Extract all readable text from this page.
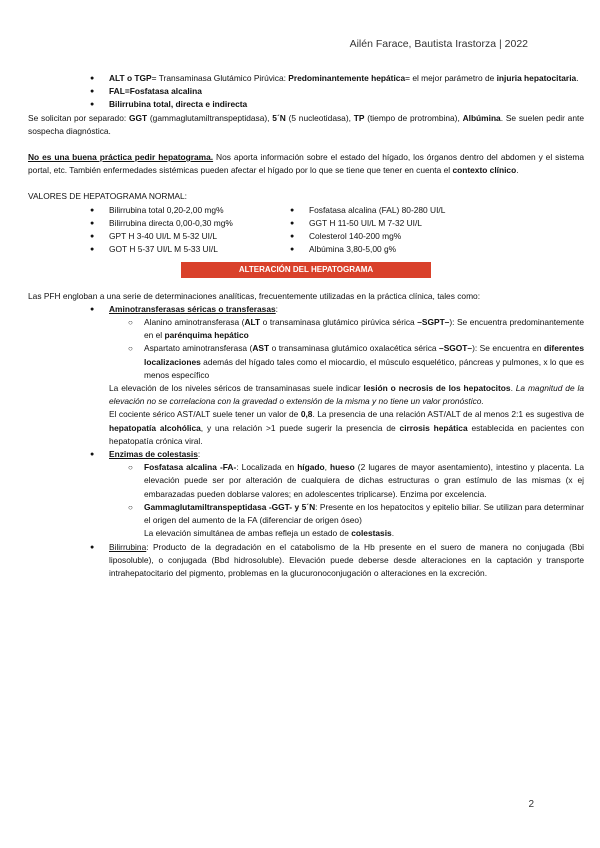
Ailén Farace, Bautista Irastorza | 2022

● ALT o TGP= Transaminasa Glutámico Pirúvica: Predominantemente hepática= el mejor parámetro de injuria hepatocitaria.

● FAL=Fosfatasa alcalina
● Bilirrubina total, directa e indirecta

Se solicitan por separado: GGT (gammaglutamiltranspeptidasa), 5´N (5 nucleotidasa), TP (tiempo de protrombina), Albúmina. Se suelen pedir ante sospecha diagnóstica.

No es una buena práctica pedir hepatograma. Nos aporta información sobre el estado del hígado, los órganos dentro del abdomen y el sistema portal, etc. También enfermedades sistémicas pueden afectar el hígado por lo que se tiene que tener en cuenta el contexto clínico.

VALORES DE HEPATOGRAMA NORMAL:
● Bilirrubina total 0,20-2,00 mg%
● Bilirrubina directa 0,00-0,30 mg%
● GPT H 3-40 UI/L M 5-32 UI/L
● GOT H 5-37 UI/L M 5-33 UI/L
● Fosfatasa alcalina (FAL) 80-280 UI/L
● GGT H 11-50 UI/L M 7-32 UI/L
● Colesterol 140-200 mg%
● Albúmina 3,80-5,00 g%
ALTERACIÓN DEL HEPATOGRAMA

Las PFH engloban a una serie de determinaciones analíticas, frecuentemente utilizadas en la práctica clínica, tales como:

● Aminotransferasas séricas o transferasas:

○ Alanino aminotransferasa (ALT o transaminasa glutámico pirúvica sérica –SGPT–): Se encuentra predominantemente en el parénquima hepático

○ Aspartato aminotransferasa (AST o transaminasa glutámico oxalacética sérica –SGOT–): Se encuentra en diferentes localizaciones además del hígado tales como el miocardio, el músculo esquelético, páncreas y pulmones, x lo que es menos específico

La elevación de los niveles séricos de transaminasas suele indicar lesión o necrosis de los hepatocitos. La magnitud de la elevación no se correlaciona con la gravedad o extensión de la misma y no tiene un valor pronóstico.

El cociente sérico AST/ALT suele tener un valor de 0,8. La presencia de una relación AST/ALT de al menos 2:1 es sugestiva de hepatopatía alcohólica, y una relación >1 puede sugerir la presencia de cirrosis hepática establecida en pacientes con hepatopatía crónica viral.

● Enzimas de colestasis:

○ Fosfatasa alcalina -FA-: Localizada en hígado, hueso (2 lugares de mayor asentamiento), intestino y placenta. La elevación puede ser por alteración de cualquiera de dichas estructuras o gran estímulo de las mismas (x ej embarazadas pueden doblarse valores; en adolescentes triplicarse). Enzima por excelencia.

○ Gammaglutamiltranspeptidasa -GGT- y 5´N: Presente en los hepatocitos y epitelio biliar. Se utilizan para determinar el origen del aumento de la FA (diferenciar de origen óseo)

La elevación simultánea de ambas refleja un estado de colestasis.

● Bilirrubina: Producto de la degradación en el catabolismo de la Hb presente en el suero de manera no conjugada (Bbi liposoluble), o conjugada (Bbd hidrosoluble). Elevación puede deberse desde alteraciones en la captación y transporte intrahepatocitario del pigmento, problemas en la glucuronoconjugación o alteraciones en la excreción.

2
